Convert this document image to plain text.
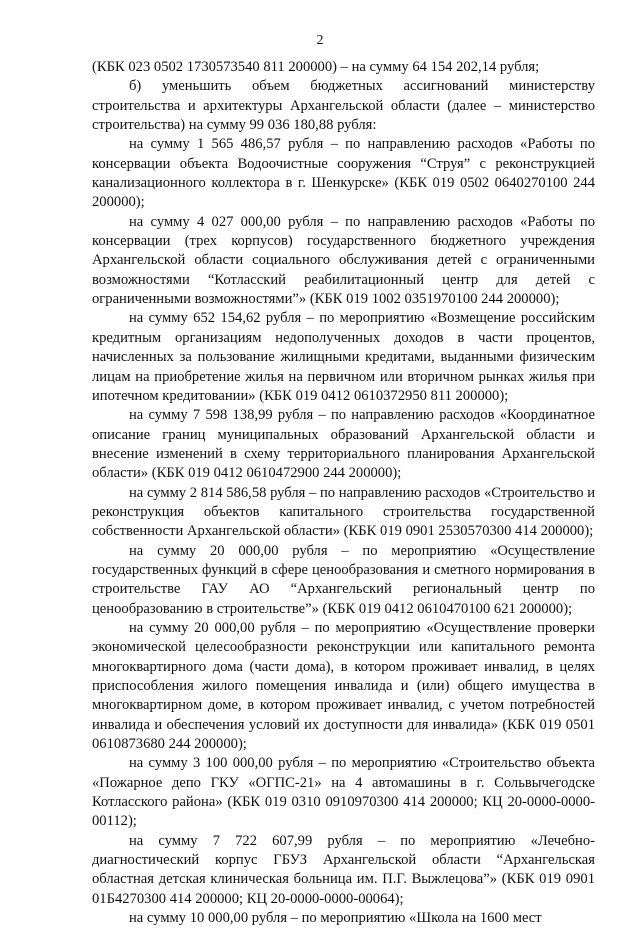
2

(КБК 023 0502 1730573540 811 200000) – на сумму 64 154 202,14 рубля;

б) уменьшить объем бюджетных ассигнований министерству строительства и архитектуры Архангельской области (далее – министерство строительства) на сумму 99 036 180,88 рубля:

на сумму 1 565 486,57 рубля – по направлению расходов «Работы по консервации объекта Водоочистные сооружения “Струя” с реконструкцией канализационного коллектора в г. Шенкурске» (КБК 019 0502 0640270100 244 200000);

на сумму 4 027 000,00 рубля – по направлению расходов «Работы по консервации (трех корпусов) государственного бюджетного учреждения Архангельской области социального обслуживания детей с ограниченными возможностями “Котласский реабилитационный центр для детей с ограниченными возможностями”» (КБК 019 1002 0351970100 244 200000);

на сумму 652 154,62 рубля – по мероприятию «Возмещение российским кредитным организациям недополученных доходов в части процентов, начисленных за пользование жилищными кредитами, выданными физическим лицам на приобретение жилья на первичном или вторичном рынках жилья при ипотечном кредитовании» (КБК 019 0412 0610372950 811 200000);

на сумму 7 598 138,99 рубля – по направлению расходов «Координатное описание границ муниципальных образований Архангельской области и внесение изменений в схему территориального планирования Архангельской области» (КБК 019 0412 0610472900 244 200000);

на сумму 2 814 586,58 рубля – по направлению расходов «Строительство и реконструкция объектов капитального строительства государственной собственности Архангельской области» (КБК 019 0901 2530570300 414 200000);

на сумму 20 000,00 рубля – по мероприятию «Осуществление государственных функций в сфере ценообразования и сметного нормирования в строительстве ГАУ АО “Архангельский региональный центр по ценообразованию в строительстве”» (КБК 019 0412 0610470100 621 200000);

на сумму 20 000,00 рубля – по мероприятию «Осуществление проверки экономической целесообразности реконструкции или капитального ремонта многоквартирного дома (части дома), в котором проживает инвалид, в целях приспособления жилого помещения инвалида и (или) общего имущества в многоквартирном доме, в котором проживает инвалид, с учетом потребностей инвалида и обеспечения условий их доступности для инвалида» (КБК 019 0501 0610873680 244 200000);

на сумму 3 100 000,00 рубля – по мероприятию «Строительство объекта «Пожарное депо ГКУ «ОГПС-21» на 4 автомашины в г. Сольвычегодске Котласского района» (КБК 019 0310 0910970300 414 200000; КЦ 20-0000-0000-00112);

на сумму 7 722 607,99 рубля – по мероприятию «Лечебно-диагностический корпус ГБУЗ Архангельской области “Архангельская областная детская клиническая больница им. П.Г. Выжлецова”» (КБК 019 0901 01Б4270300 414 200000; КЦ 20-0000-0000-00064);

на сумму 10 000,00 рубля – по мероприятию «Школа на 1600 мест
